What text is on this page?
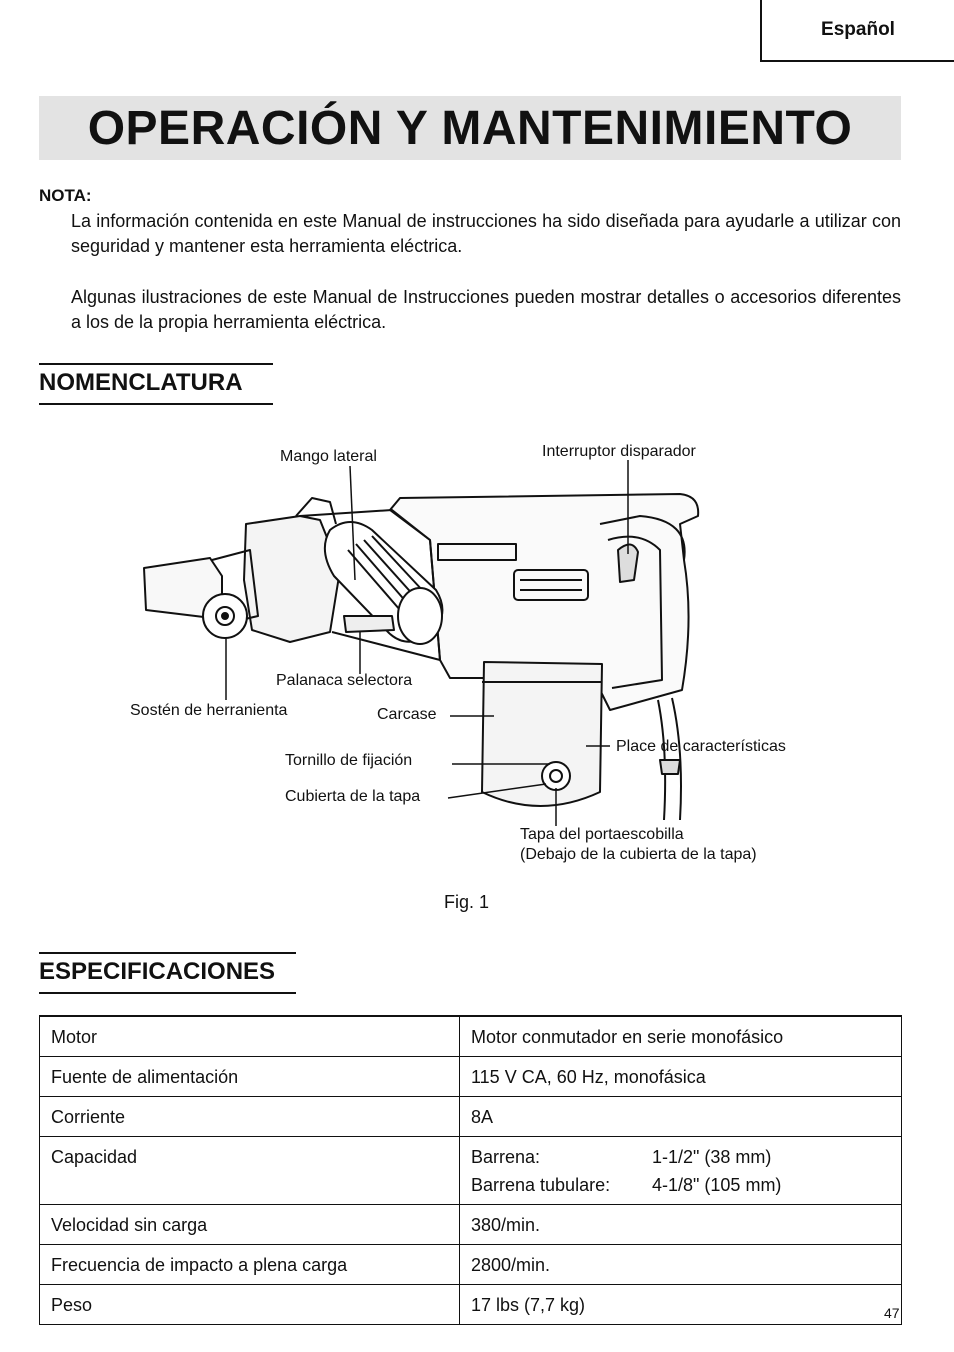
Español
OPERACIÓN Y MANTENIMIENTO
NOTA:
La información contenida en este Manual de instrucciones ha sido diseñada para ayudarle a utilizar con seguridad y mantener esta herramienta eléctrica.
Algunas ilustraciones de este Manual de Instrucciones pueden mostrar detalles o accesorios diferentes a los de la propia herramienta eléctrica.
NOMENCLATURA
Mango lateral	Interruptor disparador
Palanaca selectora
Sostén de herranienta	Carcase
Place de características
Tornillo de fijación
Cubierta de la tapa
Tapa del portaescobilla
(Debajo de la cubierta de la tapa)
Fig. 1
ESPECIFICACIONES
Motor	Motor conmutador en serie monofásico
Fuente de alimentación	115 V CA, 60 Hz, monofásica
Corriente	8A
Capacidad	Barrena: 1-1/2" (38 mm)
Barrena tubulare: 4-1/8" (105 mm)

Velocidad sin carga	380/min.
Frecuencia de impacto a plena carga	2800/min.
Peso	17 lbs (7,7 kg)	47
